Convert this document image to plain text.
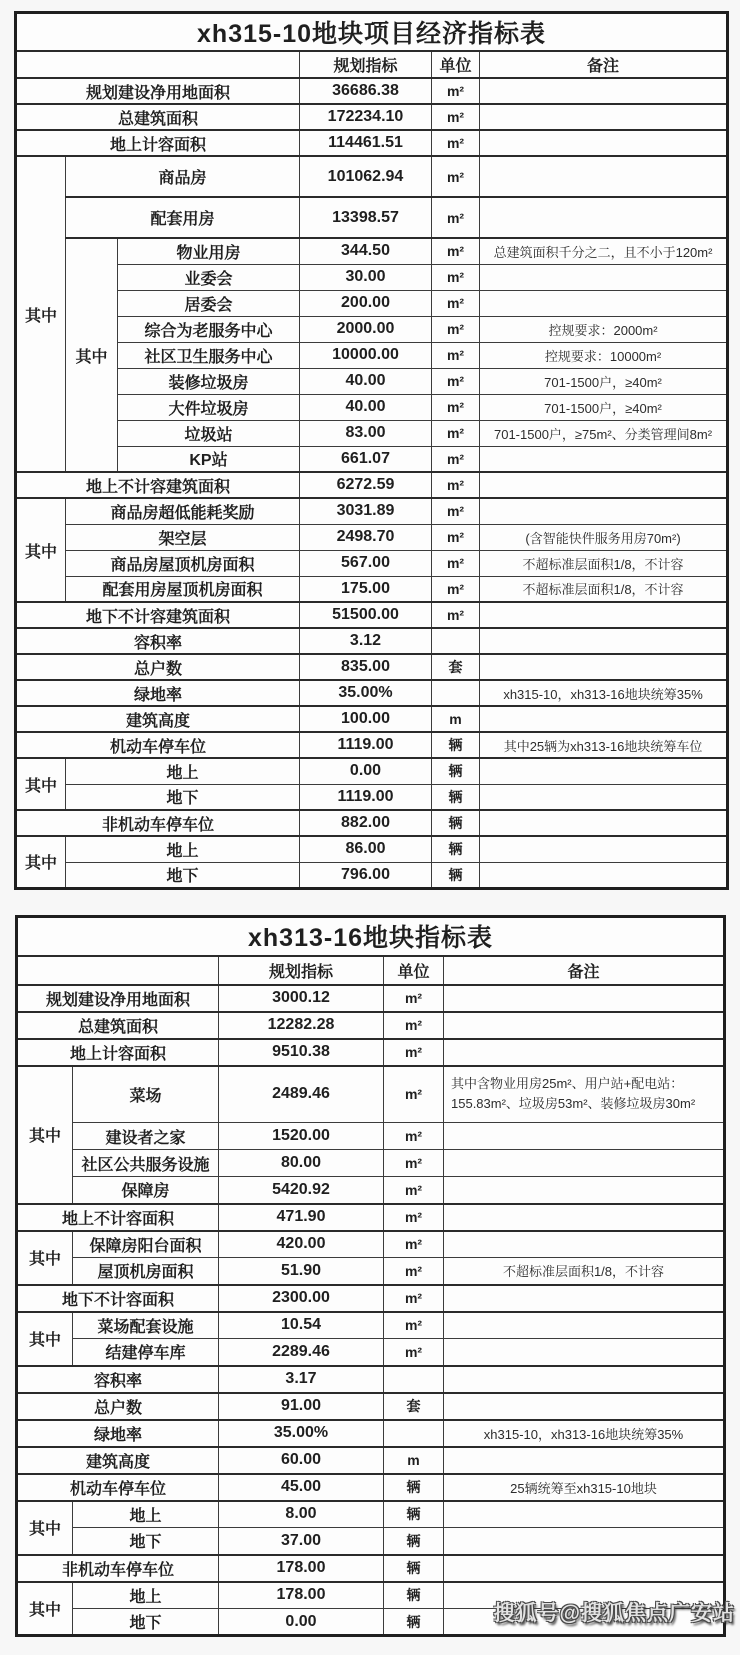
xh315-10地块项目经济指标表					
			规划指标	单位	备注
规划建设净用地面积			36686.38	m²	
总建筑面积			172234.10	m²	
地上计容面积			114461.51	m²	
其中	商品房		101062.94	m²	
	配套用房		13398.57	m²	
	其中	物业用房	344.50	m²	总建筑面积千分之二，且不小于120m²
		业委会	30.00	m²	
		居委会	200.00	m²	
		综合为老服务中心	2000.00	m²	控规要求：2000m²
		社区卫生服务中心	10000.00	m²	控规要求：10000m²
		装修垃圾房	40.00	m²	701-1500户，≥40m²
		大件垃圾房	40.00	m²	701-1500户，≥40m²
		垃圾站	83.00	m²	701-1500户，≥75m²、分类管理间8m²
		KP站	661.07	m²	
地上不计容建筑面积			6272.59	m²	
其中	商品房超低能耗奖励		3031.89	m²	
	架空层		2498.70	m²	(含智能快件服务用房70m²)
	商品房屋顶机房面积		567.00	m²	不超标准层面积1/8，不计容
	配套用房屋顶机房面积		175.00	m²	不超标准层面积1/8，不计容
地下不计容建筑面积			51500.00	m²	
容积率			3.12		
总户数			835.00	套	
绿地率			35.00%		xh315-10，xh313-16地块统筹35%
建筑高度			100.00	m	
机动车停车位			1119.00	辆	其中25辆为xh313-16地块统筹车位
其中	地上		0.00	辆	
	地下		1119.00	辆	
非机动车停车位			882.00	辆	
其中	地上		86.00	辆	
	地下		796.00	辆	
xh313-16地块指标表				
		规划指标	单位	备注
规划建设净用地面积		3000.12	m²	
总建筑面积		12282.28	m²	
地上计容面积		9510.38	m²	
其中	菜场	2489.46	m²	其中含物业用房25m²、用户站+配电站：155.83m²、垃圾房53m²、装修垃圾房30m²
	建设者之家	1520.00	m²	
	社区公共服务设施	80.00	m²	
	保障房	5420.92	m²	
地上不计容面积		471.90	m²	
其中	保障房阳台面积	420.00	m²	
	屋顶机房面积	51.90	m²	不超标准层面积1/8，不计容
地下不计容面积		2300.00	m²	
其中	菜场配套设施	10.54	m²	
	结建停车库	2289.46	m²	
容积率		3.17		
总户数		91.00	套	
绿地率		35.00%		xh315-10，xh313-16地块统筹35%
建筑高度		60.00	m	
机动车停车位		45.00	辆	25辆统筹至xh315-10地块
其中	地上	8.00	辆	
	地下	37.00	辆	
非机动车停车位		178.00	辆	
其中	地上	178.00	辆	
	地下	0.00	辆		搜狐号@搜狐焦点广安站
